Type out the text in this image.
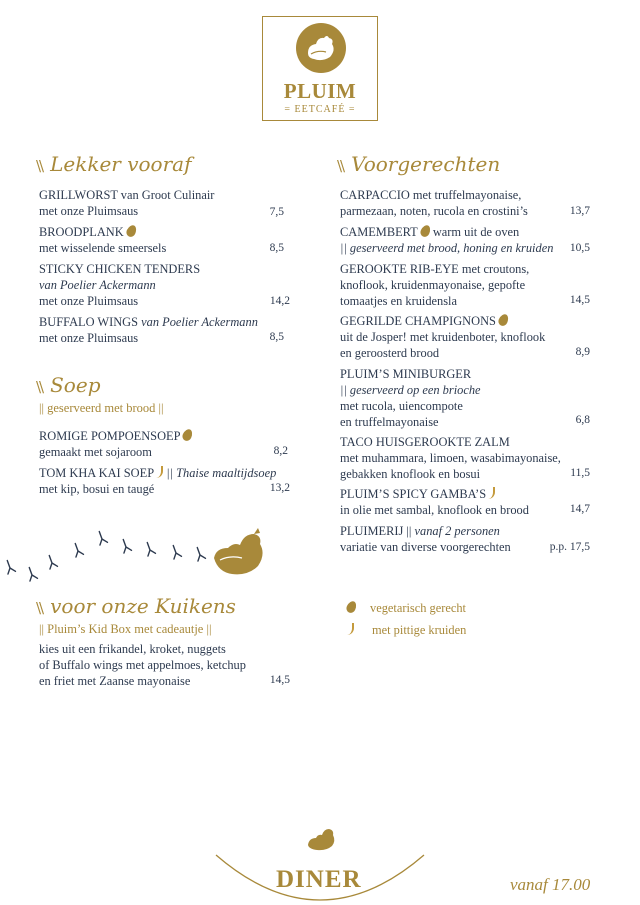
PLUIM
= EETCAFÉ =
\\ Lekker vooraf
GRILLWORST van Groot Culinair
met onze Pluimsaus	7,5
BROODPLANK
met wisselende smeersels	8,5
STICKY CHICKEN TENDERS
van Poelier Ackermann
met onze Pluimsaus	14,2
BUFFALO WINGS van Poelier Ackermann
met onze Pluimsaus	8,5
\\ Soep
|| geserveerd met brood ||
ROMIGE POMPOENSOEP
gemaakt met sojaroom	8,2
TOM KHA KAI SOEP || Thaise maaltijdsoep
met kip, bosui en taugé	13,2
\\ voor onze Kuikens
|| Pluim’s Kid Box met cadeautje ||
kies uit een frikandel, kroket, nuggets
of Buffalo wings met appelmoes, ketchup
en friet met Zaanse mayonaise	14,5
\\ Voorgerechten
CARPACCIO met truffelmayonaise,
parmezaan, noten, rucola en crostini’s	13,7
CAMEMBERT warm uit de oven
|| geserveerd met brood, honing en kruiden	10,5
GEROOKTE RIB-EYE met croutons,
knoflook, kruidenmayonaise, gepofte
tomaatjes en kruidensla	14,5
GEGRILDE CHAMPIGNONS
uit de Josper! met kruidenboter, knoflook
en geroosterd brood	8,9
PLUIM’S MINIBURGER
|| geserveerd op een brioche
met rucola, uiencompote
en truffelmayonaise	6,8
TACO HUISGEROOKTE ZALM
met muhammara, limoen, wasabimayonaise,
gebakken knoflook en bosui	11,5
PLUIM’S SPICY GAMBA’S
in olie met sambal, knoflook en brood	14,7
PLUIMERIJ || vanaf 2 personen
variatie van diverse voorgerechten	p.p. 17,5
vegetarisch gerecht
met pittige kruiden
DINER	vanaf 17.00
